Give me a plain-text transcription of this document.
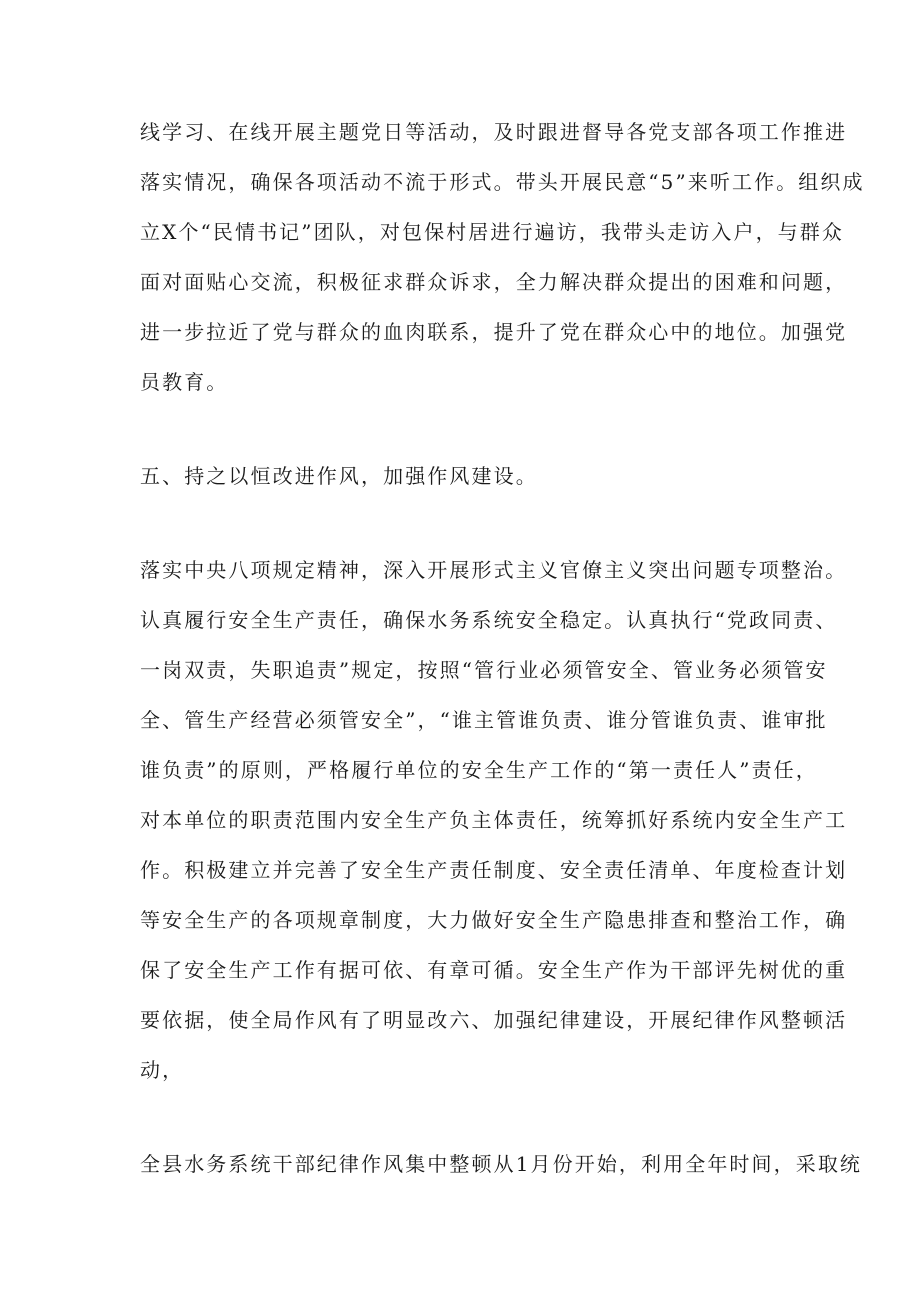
线学习、在线开展主题党日等活动，及时跟进督导各党支部各项工作推进
落实情况，确保各项活动不流于形式。带头开展民意“5”来听工作。组织成
立X个“民情书记”团队，对包保村居进行遍访，我带头走访入户，与群众
面对面贴心交流，积极征求群众诉求，全力解决群众提出的困难和问题，
进一步拉近了党与群众的血肉联系，提升了党在群众心中的地位。加强党
员教育。
五、持之以恒改进作风，加强作风建设。
落实中央八项规定精神，深入开展形式主义官僚主义突出问题专项整治。
认真履行安全生产责任，确保水务系统安全稳定。认真执行“党政同责、
一岗双责，失职追责”规定，按照“管行业必须管安全、管业务必须管安
全、管生产经营必须管安全”，“谁主管谁负责、谁分管谁负责、谁审批
谁负责”的原则，严格履行单位的安全生产工作的“第一责任人”责任，
对本单位的职责范围内安全生产负主体责任，统筹抓好系统内安全生产工
作。积极建立并完善了安全生产责任制度、安全责任清单、年度检查计划
等安全生产的各项规章制度，大力做好安全生产隐患排查和整治工作，确
保了安全生产工作有据可依、有章可循。安全生产作为干部评先树优的重
要依据，使全局作风有了明显改六、加强纪律建设，开展纪律作风整顿活
动，
全县水务系统干部纪律作风集中整顿从1月份开始，利用全年时间，采取统
